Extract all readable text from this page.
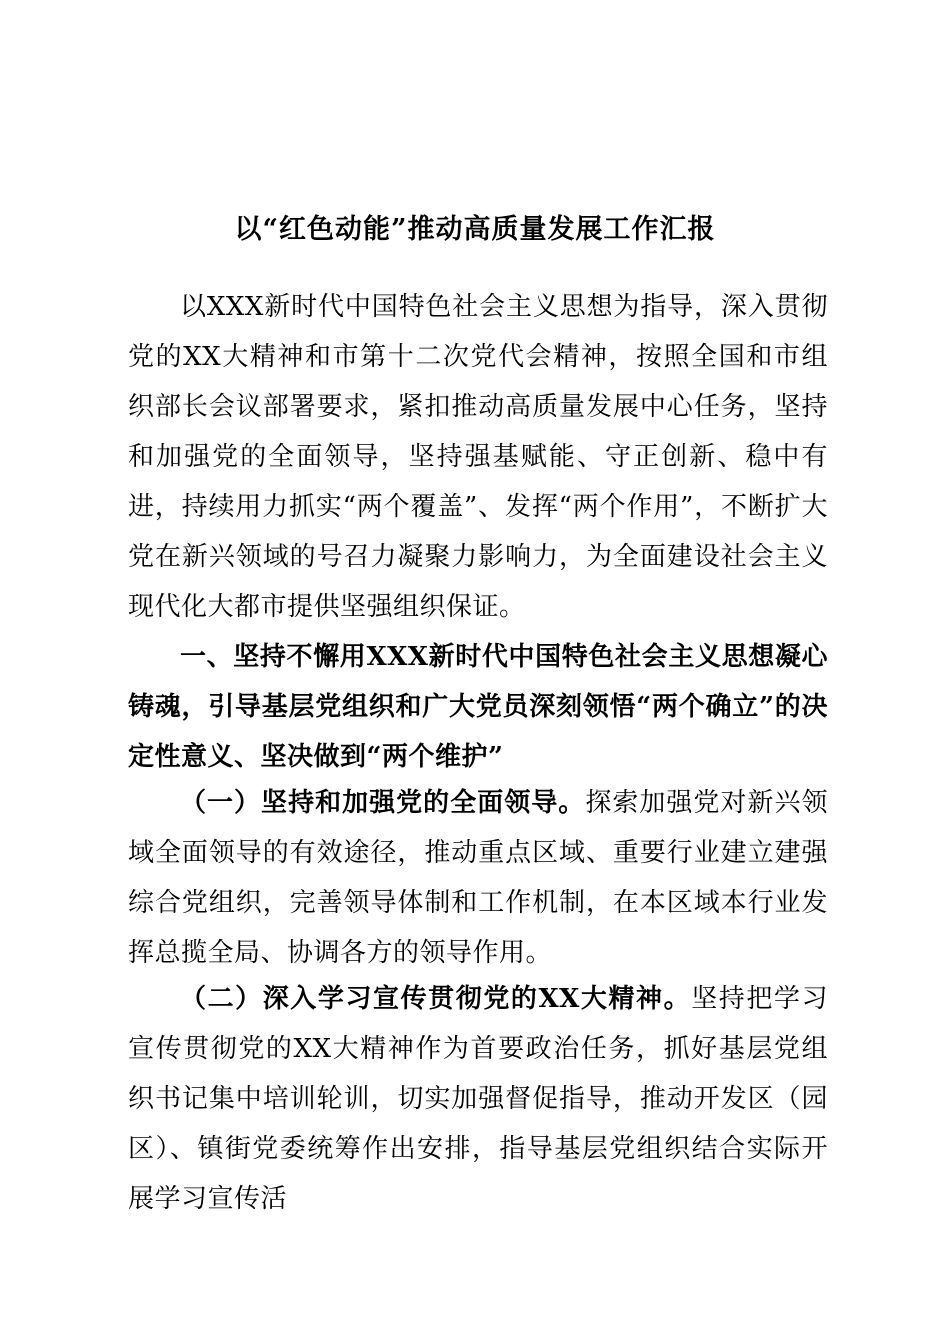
以“红色动能”推动高质量发展工作汇报

以XXX新时代中国特色社会主义思想为指导，深入贯彻党的XX大精神和市第十二次党代会精神，按照全国和市组织部长会议部署要求，紧扣推动高质量发展中心任务，坚持和加强党的全面领导，坚持强基赋能、守正创新、稳中有进，持续用力抓实“两个覆盖”、发挥“两个作用”，不断扩大党在新兴领域的号召力凝聚力影响力，为全面建设社会主义现代化大都市提供坚强组织保证。

一、坚持不懈用XXX新时代中国特色社会主义思想凝心铸魂，引导基层党组织和广大党员深刻领悟“两个确立”的决定性意义、坚决做到“两个维护”

（一）坚持和加强党的全面领导。探索加强党对新兴领域全面领导的有效途径，推动重点区域、重要行业建立建强综合党组织，完善领导体制和工作机制，在本区域本行业发挥总揽全局、协调各方的领导作用。

（二）深入学习宣传贯彻党的XX大精神。坚持把学习宣传贯彻党的XX大精神作为首要政治任务，抓好基层党组织书记集中培训轮训，切实加强督促指导，推动开发区（园区）、镇街党委统筹作出安排，指导基层党组织结合实际开展学习宣传活
